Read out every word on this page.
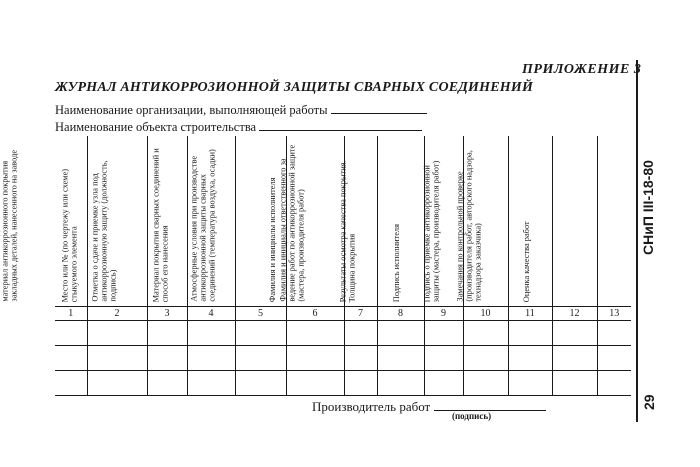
ПРИЛОЖЕНИЕ 3
ЖУРНАЛ АНТИКОРРОЗИОННОЙ ЗАЩИТЫ СВАРНЫХ СОЕДИНЕНИЙ
Наименование организации, выполняющей работы
Наименование объекта строительства

материал антикоррозионного покрытия закладных деталей, нанесенного на заводе	Место или № (по чертежу или схеме) стыкуемого элемента	Отметка о сдаче и приемке узла под антикоррозионную защиту (должность, подпись)	Материал покрытия сварных соединений и способ его нанесения	Атмосферные условия при производстве антикоррозионной защиты сварных соединений (температура воздуха, осадки)	Фамилия и инициалы исполнителя	Фамилия и инициалы ответственного за ведение работ по антикоррозионной защите (мастера, производителя работ)	Результаты осмотра качества покрытия. Толщина покрытия	Подпись исполнителя	Подпись о приемке антикоррозионной защиты (мастера, производителя работ)	Замечания по контрольной проверке (производителя работ, авторского надзора, технадзора заказчика)	Оценка качества работ

1	2	3	4	5	6	7	8	9	10	11	12	13

СНиП III-18-80
29
Производитель работ
(подпись)
